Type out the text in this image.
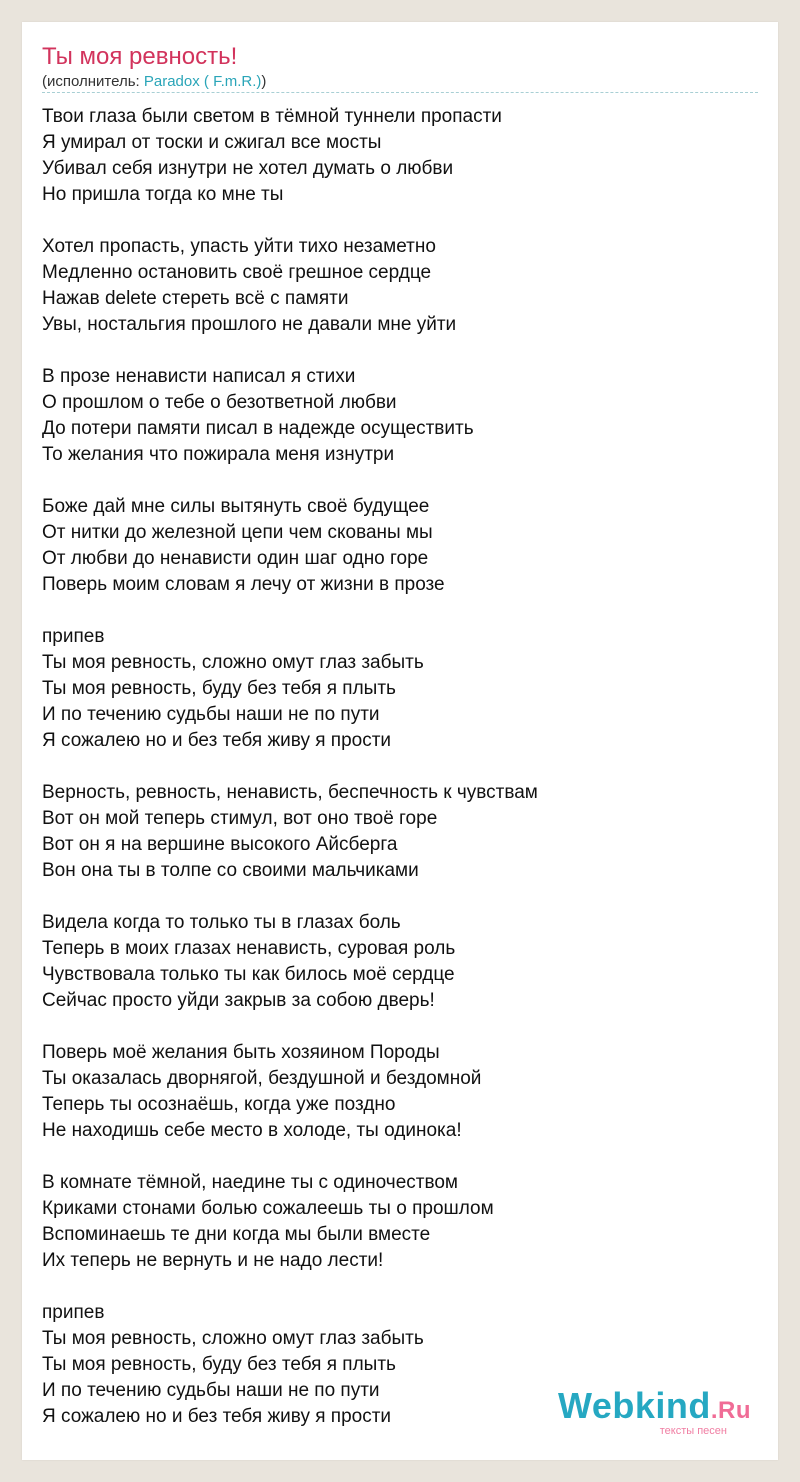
Ты моя ревность!
(исполнитель: Paradox ( F.m.R.))
Твои глаза были светом в тёмной туннели пропасти
Я умирал от тоски и сжигал все мосты
Убивал себя изнутри не хотел думать о любви
Но пришла тогда ко мне ты
Хотел пропасть, упасть уйти тихо незаметно
Медленно остановить своё грешное сердце
Нажав delete стереть всё с памяти
Увы, ностальгия прошлого не давали мне уйти
В прозе ненависти написал я стихи
О прошлом о тебе о безответной любви
До потери памяти писал в надежде осуществить
То желания что пожирала меня изнутри
Боже дай мне силы вытянуть своё будущее
От нитки до железной цепи чем скованы мы
От любви до ненависти один шаг одно горе
Поверь моим словам я лечу от жизни в прозе
припев
Ты моя ревность, сложно омут глаз забыть
Ты моя ревность, буду без тебя я плыть
И по течению судьбы наши не по пути
Я сожалею но и без тебя живу я прости
Верность, ревность, ненависть, беспечность к чувствам
Вот он мой теперь стимул, вот оно твоё горе
Вот он я на вершине высокого Айсберга
Вон она ты в толпе со своими мальчиками
Видела когда то только ты в глазах боль
Теперь в моих глазах ненависть, суровая роль
Чувствовала только ты как билось моё сердце
Сейчас просто уйди закрыв за собою дверь!
Поверь моё желания быть хозяином Породы
Ты оказалась дворнягой, бездушной и бездомной
Теперь ты осознаёшь, когда уже поздно
Не находишь себе место в холоде, ты одинока!
В комнате тёмной, наедине ты с одиночеством
Криками стонами болью сожалеешь ты о прошлом
Вспоминаешь те дни когда мы были вместе
Их теперь не вернуть и не надо лести!
припев
Ты моя ревность, сложно омут глаз забыть
Ты моя ревность, буду без тебя я плыть
И по течению судьбы наши не по пути
Я сожалею но и без тебя живу я прости	Webkind.Ru
тексты песен
